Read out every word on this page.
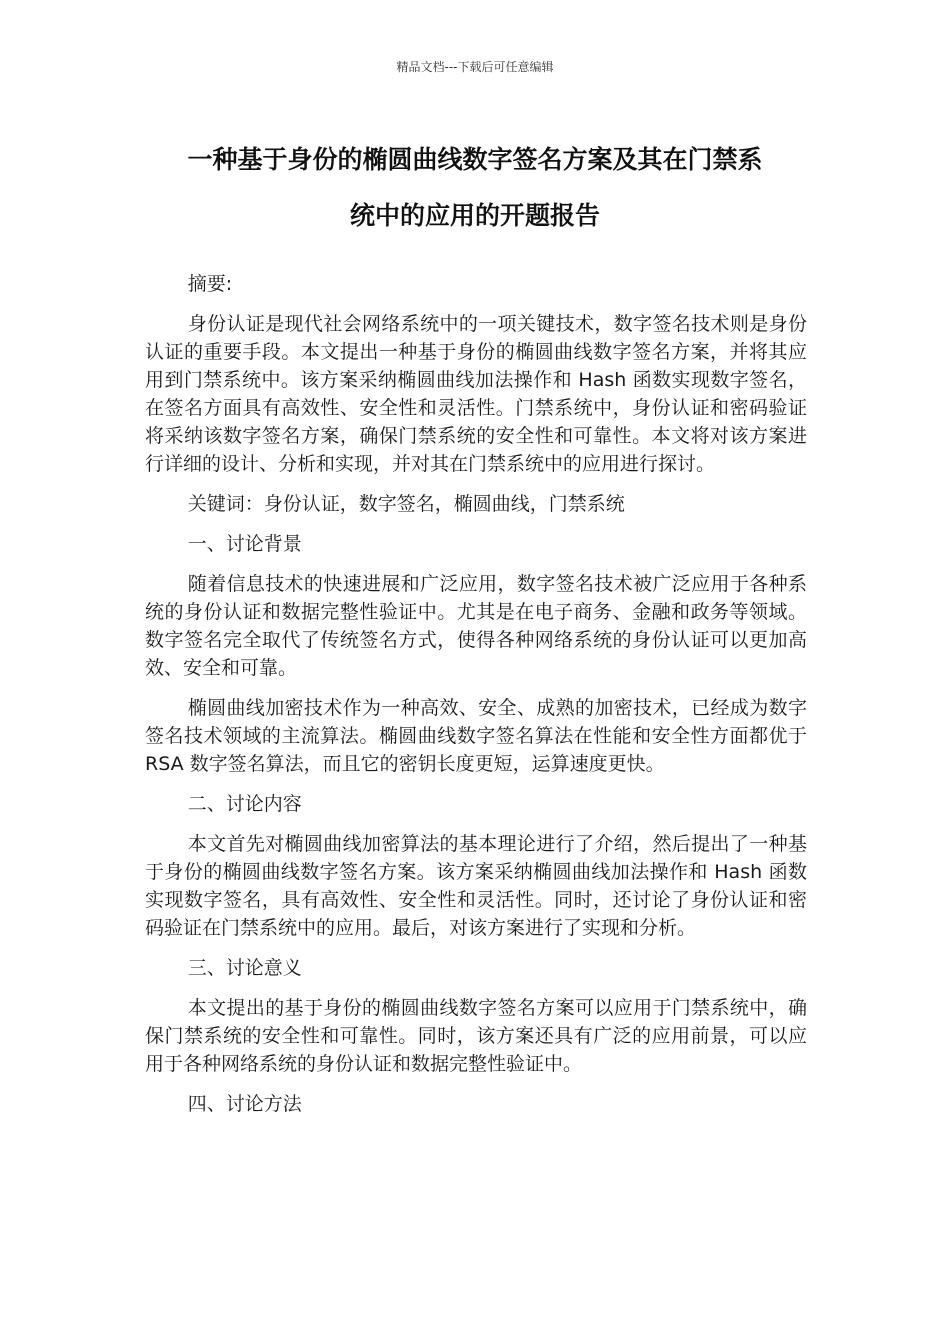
精品文档---下载后可任意编辑
一种基于身份的椭圆曲线数字签名方案及其在门禁系
统中的应用的开题报告

摘要:

身份认证是现代社会网络系统中的一项关键技术，数字签名技术则是身份认证的重要手段。本文提出一种基于身份的椭圆曲线数字签名方案，并将其应用到门禁系统中。该方案采纳椭圆曲线加法操作和 Hash 函数实现数字签名，在签名方面具有高效性、安全性和灵活性。门禁系统中，身份认证和密码验证将采纳该数字签名方案，确保门禁系统的安全性和可靠性。本文将对该方案进行详细的设计、分析和实现，并对其在门禁系统中的应用进行探讨。

关键词：身份认证，数字签名，椭圆曲线，门禁系统

一、讨论背景

随着信息技术的快速进展和广泛应用，数字签名技术被广泛应用于各种系统的身份认证和数据完整性验证中。尤其是在电子商务、金融和政务等领域。数字签名完全取代了传统签名方式，使得各种网络系统的身份认证可以更加高效、安全和可靠。

椭圆曲线加密技术作为一种高效、安全、成熟的加密技术，已经成为数字签名技术领域的主流算法。椭圆曲线数字签名算法在性能和安全性方面都优于 RSA 数字签名算法，而且它的密钥长度更短，运算速度更快。

二、讨论内容

本文首先对椭圆曲线加密算法的基本理论进行了介绍，然后提出了一种基于身份的椭圆曲线数字签名方案。该方案采纳椭圆曲线加法操作和 Hash 函数实现数字签名，具有高效性、安全性和灵活性。同时，还讨论了身份认证和密码验证在门禁系统中的应用。最后，对该方案进行了实现和分析。

三、讨论意义

本文提出的基于身份的椭圆曲线数字签名方案可以应用于门禁系统中，确保门禁系统的安全性和可靠性。同时，该方案还具有广泛的应用前景，可以应用于各种网络系统的身份认证和数据完整性验证中。

四、讨论方法
